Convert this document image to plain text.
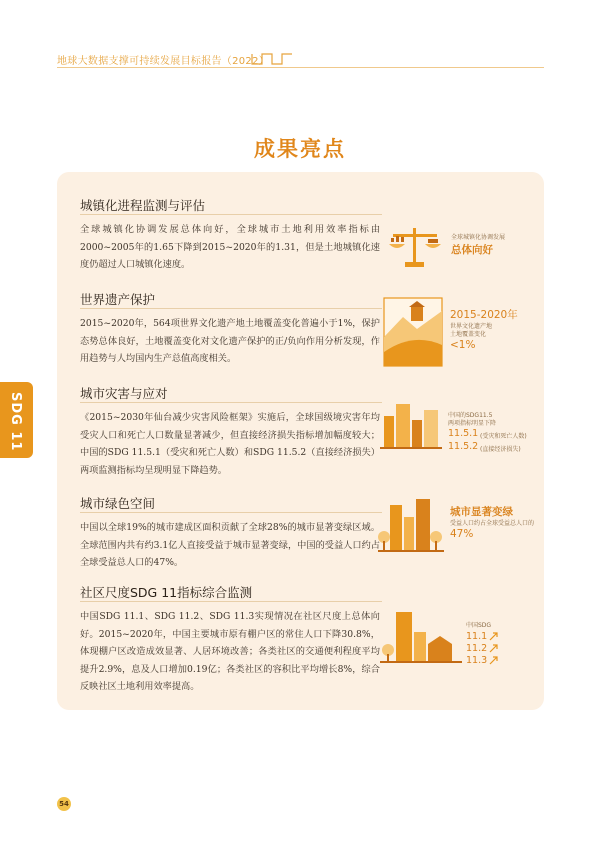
地球大数据支撑可持续发展目标报告（2022）
成果亮点
SDG 11
城镇化进程监测与评估

全球城镇化协调发展总体向好，全球城市土地利用效率指标由2000~2005年的1.65下降到2015~2020年的1.31，但是土地城镇化速度仍超过人口城镇化速度。

全球城镇化协调发展
总体向好
世界遗产保护

2015~2020年，564项世界文化遗产地土地覆盖变化普遍小于1%，保护态势总体良好，土地覆盖变化对文化遗产保护的正/负向作用分析发现，作用趋势与人均国内生产总值高度相关。

2015-2020年
世界文化遗产地
土地覆盖变化
<1%
城市灾害与应对

《2015~2030年仙台减少灾害风险框架》实施后，全球国级境灾害年均受灾人口和死亡人口数量显著减少，但直接经济损失指标增加幅度较大；中国的SDG 11.5.1（受灾和死亡人数）和SDG 11.5.2（直接经济损失）两项监测指标均呈现明显下降趋势。

中国的SDG11.5
两项指标明显下降
11.5.1 (受灾和死亡人数)
11.5.2 (直接经济损失)
城市绿色空间

中国以全球19%的城市建成区面积贡献了全球28%的城市显著变绿区域。全球范围内共有约3.1亿人直接受益于城市显著变绿，中国的受益人口约占全球受益总人口的47%。

城市显著变绿
受益人口约占全球受益总人口的
47%
社区尺度SDG 11指标综合监测

中国SDG 11.1、SDG 11.2、SDG 11.3实现情况在社区尺度上总体向好。2015~2020年，中国主要城市原有棚户区的常住人口下降30.8%，体现棚户区改造成效显著、人居环境改善；各类社区的交通便利程度平均提升2.9%，息及人口增加0.19亿；各类社区的容积比平均增长8%，综合反映社区土地利用效率提高。

中国SDG
11.1
11.2
11.3
54
